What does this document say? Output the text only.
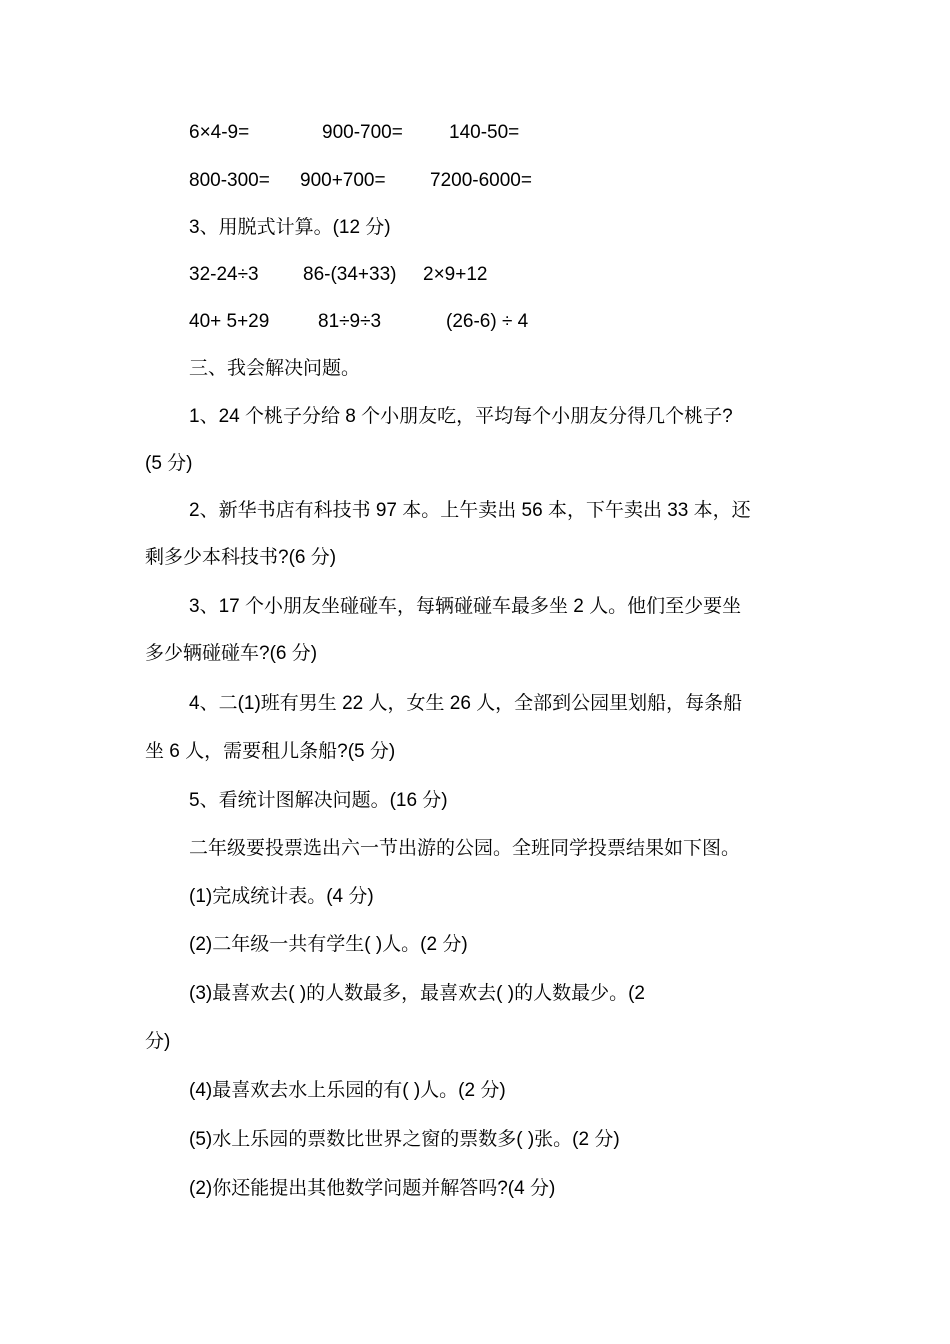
6×4-9=	900-700= 140-50=
800-300= 900+700= 7200-6000=
3、用脱式计算。(12 分)
32-24÷3 86-(34+33) 2×9+12
40+ 5+29	81÷9÷3	(26-6) ÷ 4
三、我会解决问题。
1、24 个桃子分给 8 个小朋友吃，平均每个小朋友分得几个桃子?
(5 分)
2、新华书店有科技书 97 本。上午卖出 56 本，下午卖出 33 本，还
剩多少本科技书?(6 分)
3、17 个小朋友坐碰碰车，每辆碰碰车最多坐 2 人。他们至少要坐
多少辆碰碰车?(6 分)
4、二(1)班有男生 22 人，女生 26 人，全部到公园里划船，每条船
坐 6 人，需要租儿条船?(5 分)
5、看统计图解决问题。(16 分)
二年级要投票选出六一节出游的公园。全班同学投票结果如下图。
(1)完成统计表。(4 分)
(2)二年级一共有学生( )人。(2 分)
(3)最喜欢去( )的人数最多，最喜欢去( )的人数最少。(2
分)
(4)最喜欢去水上乐园的有( )人。(2 分)
(5)水上乐园的票数比世界之窗的票数多( )张。(2 分)
(2)你还能提出其他数学问题并解答吗?(4 分)
